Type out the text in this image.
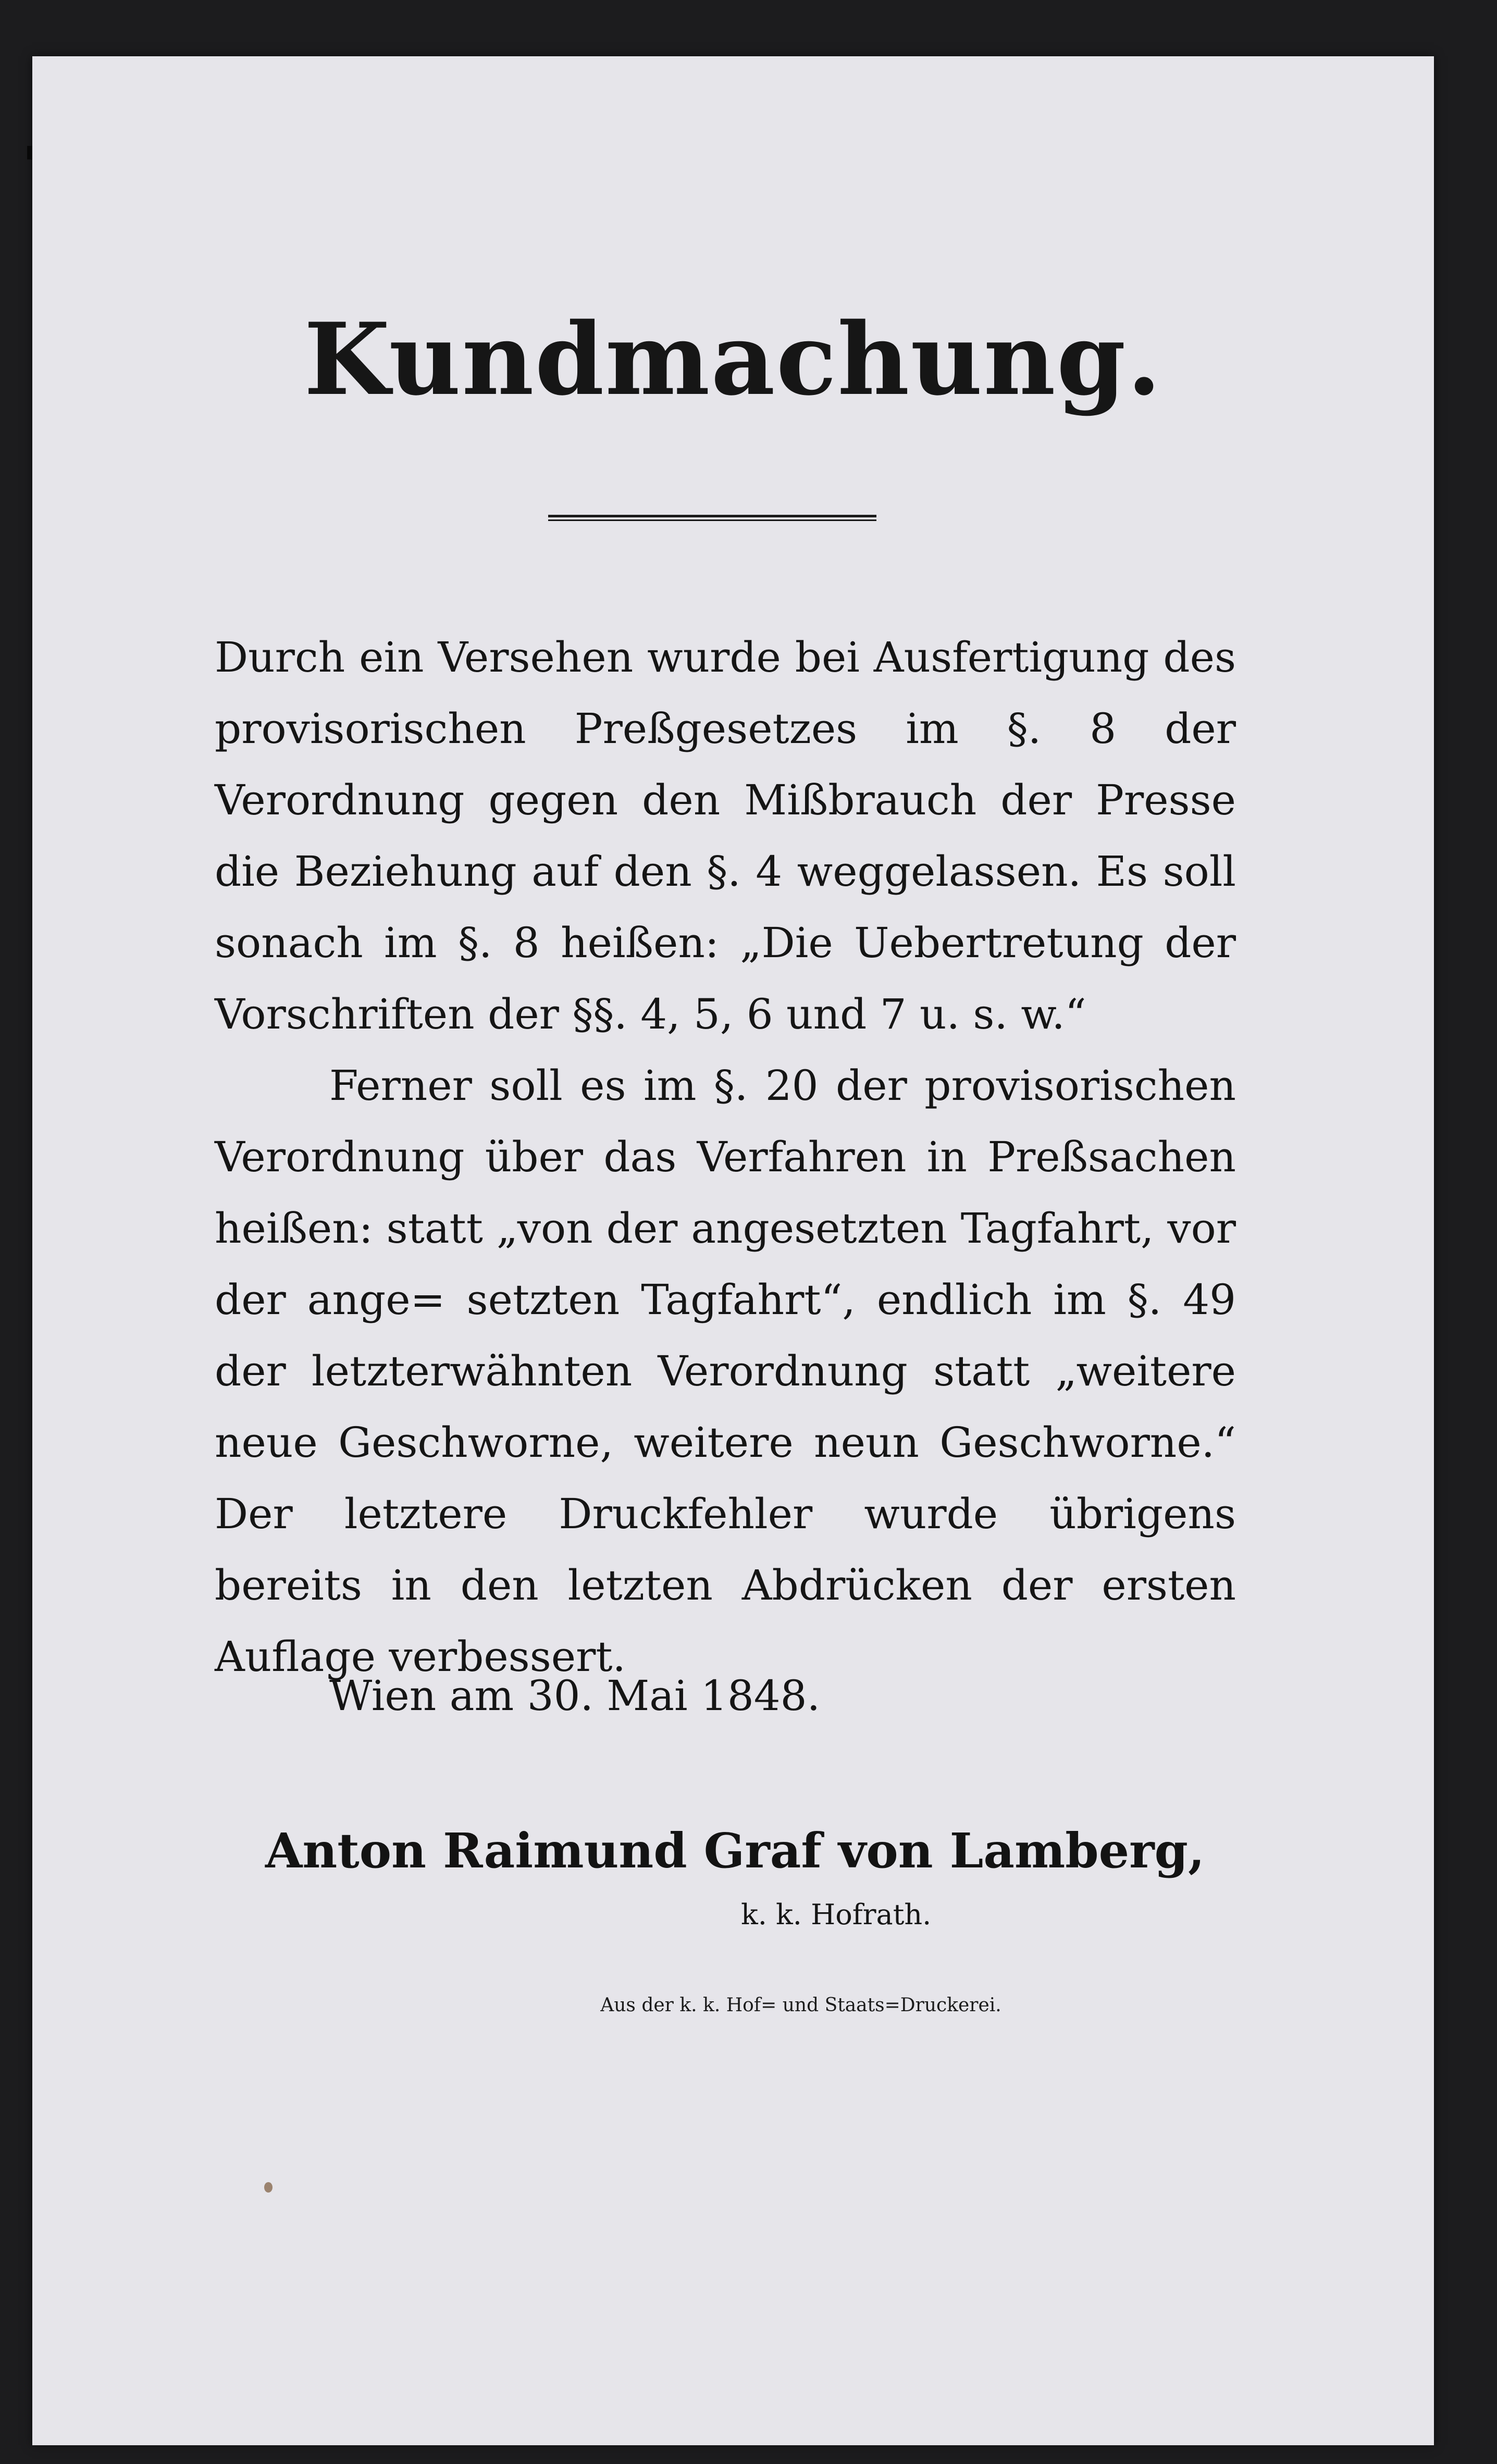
Kundmachung.

Durch ein Versehen wurde bei Ausfertigung des provisorischen Preßgesetzes im §. 8 der Verordnung gegen den Mißbrauch der Presse die Beziehung auf den §. 4 weggelassen. Es soll sonach im §. 8 heißen: „Die Uebertretung der Vorschriften der §§. 4, 5, 6 und 7 u. s. w.“

Ferner soll es im §. 20 der provisorischen Verordnung über das Verfahren in Preßsachen heißen: statt „von der angesetzten Tagfahrt, vor der ange= setzten Tagfahrt“, endlich im §. 49 der letzterwähnten Verordnung statt „weitere neue Geschworne, weitere neun Geschworne.“ Der letztere Druckfehler wurde übrigens bereits in den letzten Abdrücken der ersten Auflage verbessert.

Wien am 30. Mai 1848.
Anton Raimund Graf von Lamberg,
k. k. Hofrath.
Aus der k. k. Hof= und Staats=Druckerei.
